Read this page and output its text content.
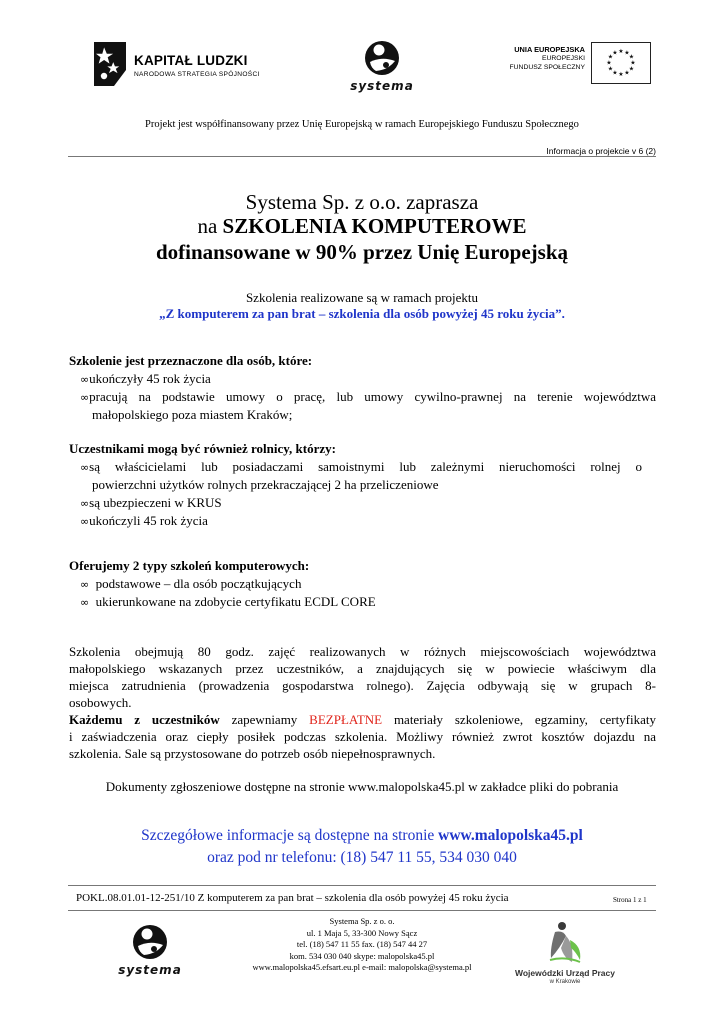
KAPITAŁ LUDZKI
NARODOWA STRATEGIA SPÓJNOŚCI
systema
UNIA EUROPEJSKA
EUROPEJSKI
FUNDUSZ SPOŁECZNY
★ ★
★
★
★
★
★
★
★
★
★
★
Projekt jest współfinansowany przez Unię Europejską w ramach Europejskiego Funduszu Społecznego
Informacja o projekcie v 6 (2)
Systema Sp. z o.o. zaprasza
na SZKOLENIA KOMPUTEROWE
dofinansowane w 90% przez Unię Europejską
Szkolenia realizowane są w ramach projektu
„Z komputerem za pan brat – szkolenia dla osób powyżej 45 roku życia”.
Szkolenie jest przeznaczone dla osób, które:
∞ukończyły 45 rok życia
∞pracują na podstawie umowy o pracę, lub umowy cywilno-prawnej na terenie województwa
małopolskiego poza miastem Kraków;
Uczestnikami mogą być również rolnicy, którzy:
∞są właścicielami lub posiadaczami samoistnymi lub zależnymi nieruchomości rolnej o
powierzchni użytków rolnych przekraczającej 2 ha przeliczeniowe
∞są ubezpieczeni w KRUS
∞ukończyli 45 rok życia
Oferujemy 2 typy szkoleń komputerowych:
∞ podstawowe – dla osób początkujących
∞ ukierunkowane na zdobycie certyfikatu ECDL CORE
Szkolenia obejmują 80 godz. zajęć realizowanych w różnych miejscowościach województwa
małopolskiego wskazanych przez uczestników, a znajdujących się w powiecie właściwym dla
miejsca zatrudnienia (prowadzenia gospodarstwa rolnego). Zajęcia odbywają się w grupach 8-
osobowych.
Każdemu z uczestników zapewniamy BEZPŁATNE materiały szkoleniowe, egzaminy, certyfikaty
i zaświadczenia oraz ciepły posiłek podczas szkolenia. Możliwy również zwrot kosztów dojazdu na
szkolenia. Sale są przystosowane do potrzeb osób niepełnosprawnych.
Dokumenty zgłoszeniowe dostępne na stronie www.malopolska45.pl w zakładce pliki do pobrania
Szczegółowe informacje są dostępne na stronie www.malopolska45.pl
oraz pod nr telefonu: (18) 547 11 55, 534 030 040
POKL.08.01.01-12-251/10 Z komputerem za pan brat – szkolenia dla osób powyżej 45 roku życia	Strona 1 z 1
systema
Systema Sp. z o. o.
ul. 1 Maja 5, 33-300 Nowy Sącz
tel. (18) 547 11 55 fax. (18) 547 44 27
kom. 534 030 040 skype: malopolska45.pl
www.malopolska45.efsart.eu.pl e-mail: malopolska@systema.pl
Wojewódzki Urząd Pracy
w Krakowie
